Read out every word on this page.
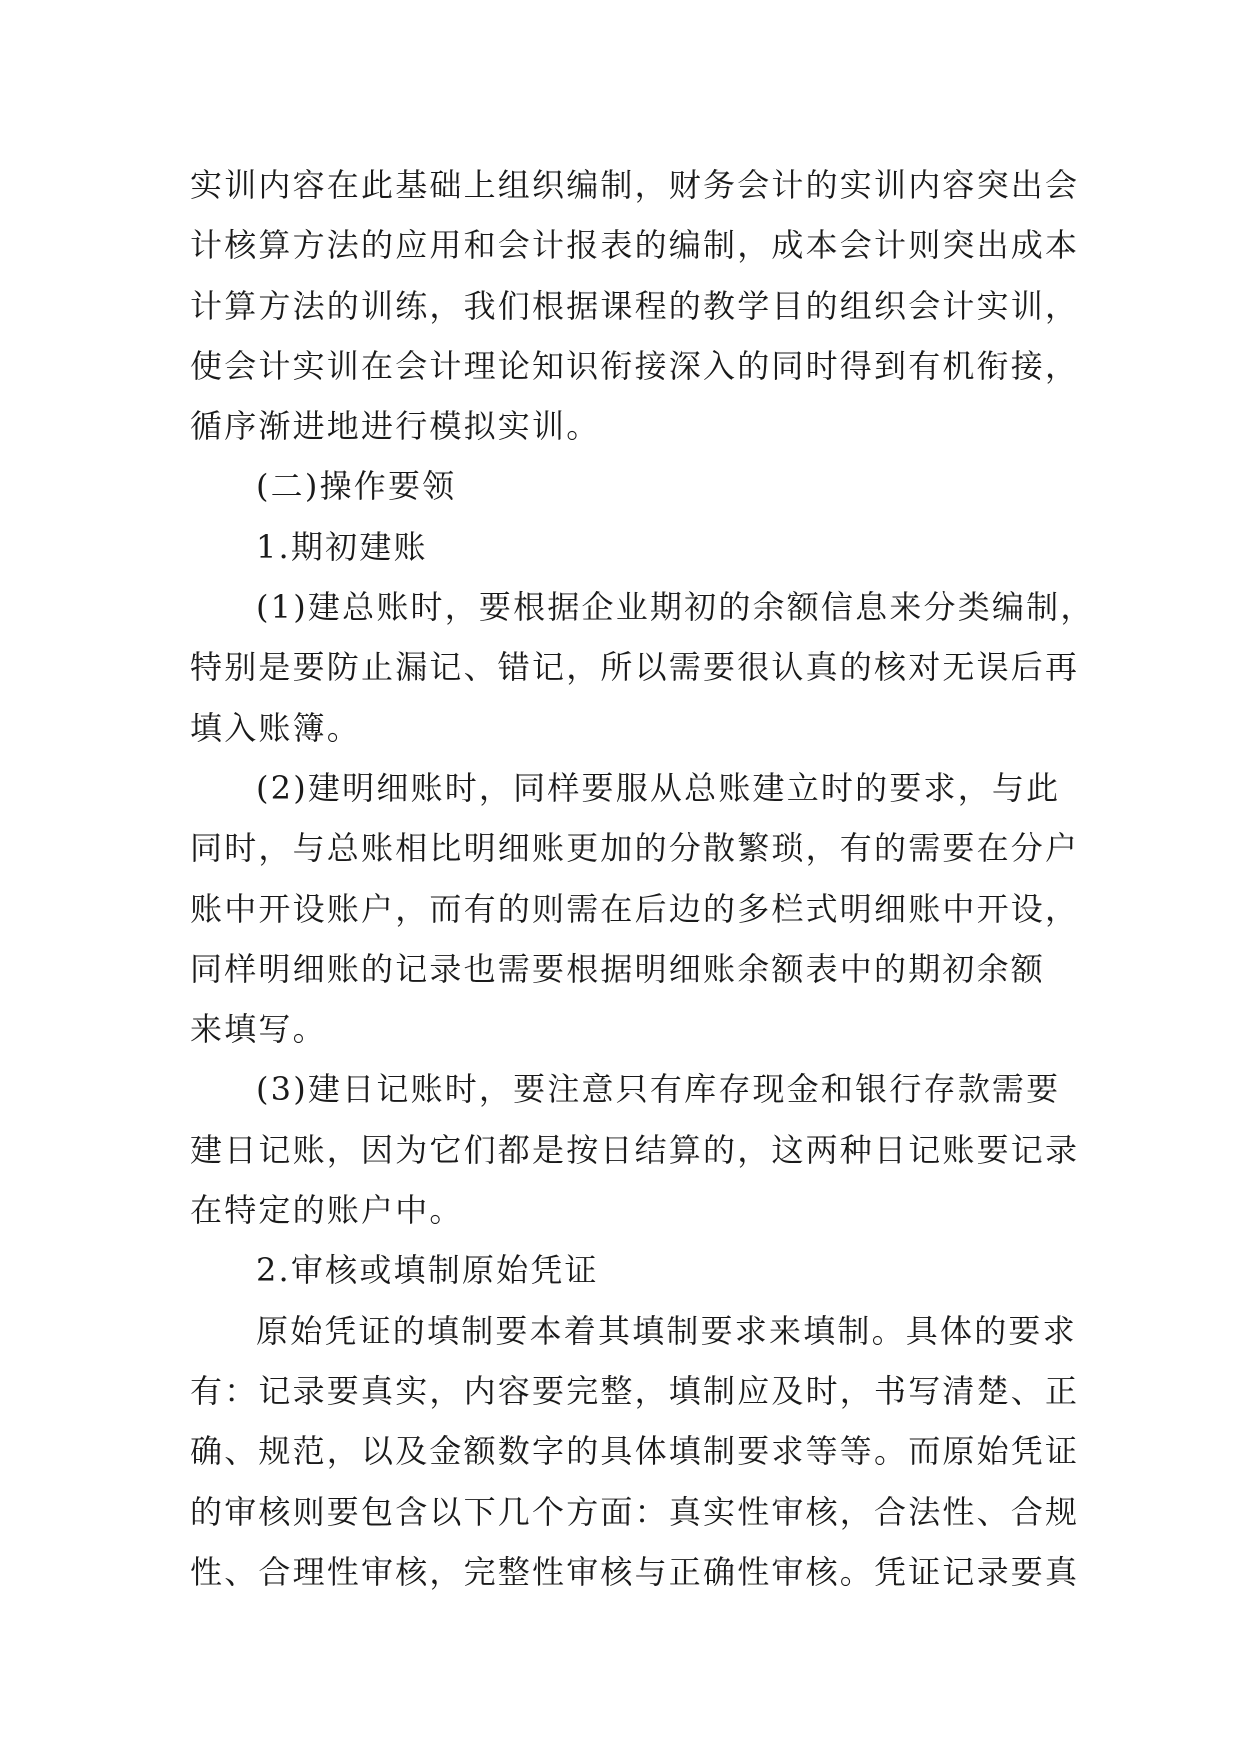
实训内容在此基础上组织编制，财务会计的实训内容突出会
计核算方法的应用和会计报表的编制，成本会计则突出成本
计算方法的训练，我们根据课程的教学目的组织会计实训，
使会计实训在会计理论知识衔接深入的同时得到有机衔接，
循序渐进地进行模拟实训。
(二)操作要领
1.期初建账
(1)建总账时，要根据企业期初的余额信息来分类编制，
特别是要防止漏记、错记，所以需要很认真的核对无误后再
填入账簿。
(2)建明细账时，同样要服从总账建立时的要求，与此
同时，与总账相比明细账更加的分散繁琐，有的需要在分户
账中开设账户，而有的则需在后边的多栏式明细账中开设，
同样明细账的记录也需要根据明细账余额表中的期初余额
来填写。
(3)建日记账时，要注意只有库存现金和银行存款需要
建日记账，因为它们都是按日结算的，这两种日记账要记录
在特定的账户中。
2.审核或填制原始凭证
原始凭证的填制要本着其填制要求来填制。具体的要求
有：记录要真实，内容要完整，填制应及时，书写清楚、正
确、规范，以及金额数字的具体填制要求等等。而原始凭证
的审核则要包含以下几个方面：真实性审核，合法性、合规
性、合理性审核，完整性审核与正确性审核。凭证记录要真
